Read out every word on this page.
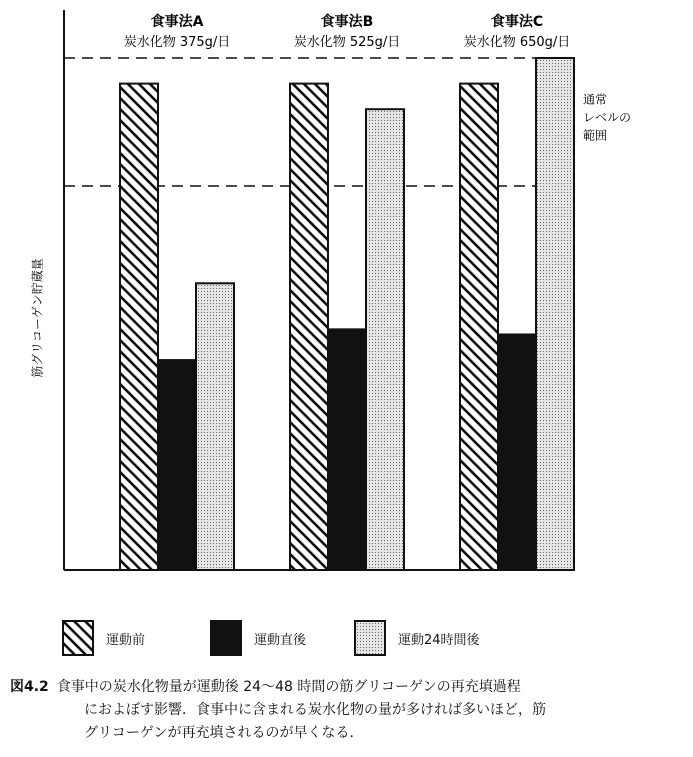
食事法A
炭水化物 375g/日
食事法B
炭水化物 525g/日
食事法C
炭水化物 650g/日
通常
レベルの
範囲
筋グリコーゲン貯蔵量
運動前	運動直後	運動24時間後
図4.2 食事中の炭水化物量が運動後 24〜48 時間の筋グリコーゲンの再充填過程
におよぼす影響．食事中に含まれる炭水化物の量が多ければ多いほど，筋
グリコーゲンが再充填されるのが早くなる．
